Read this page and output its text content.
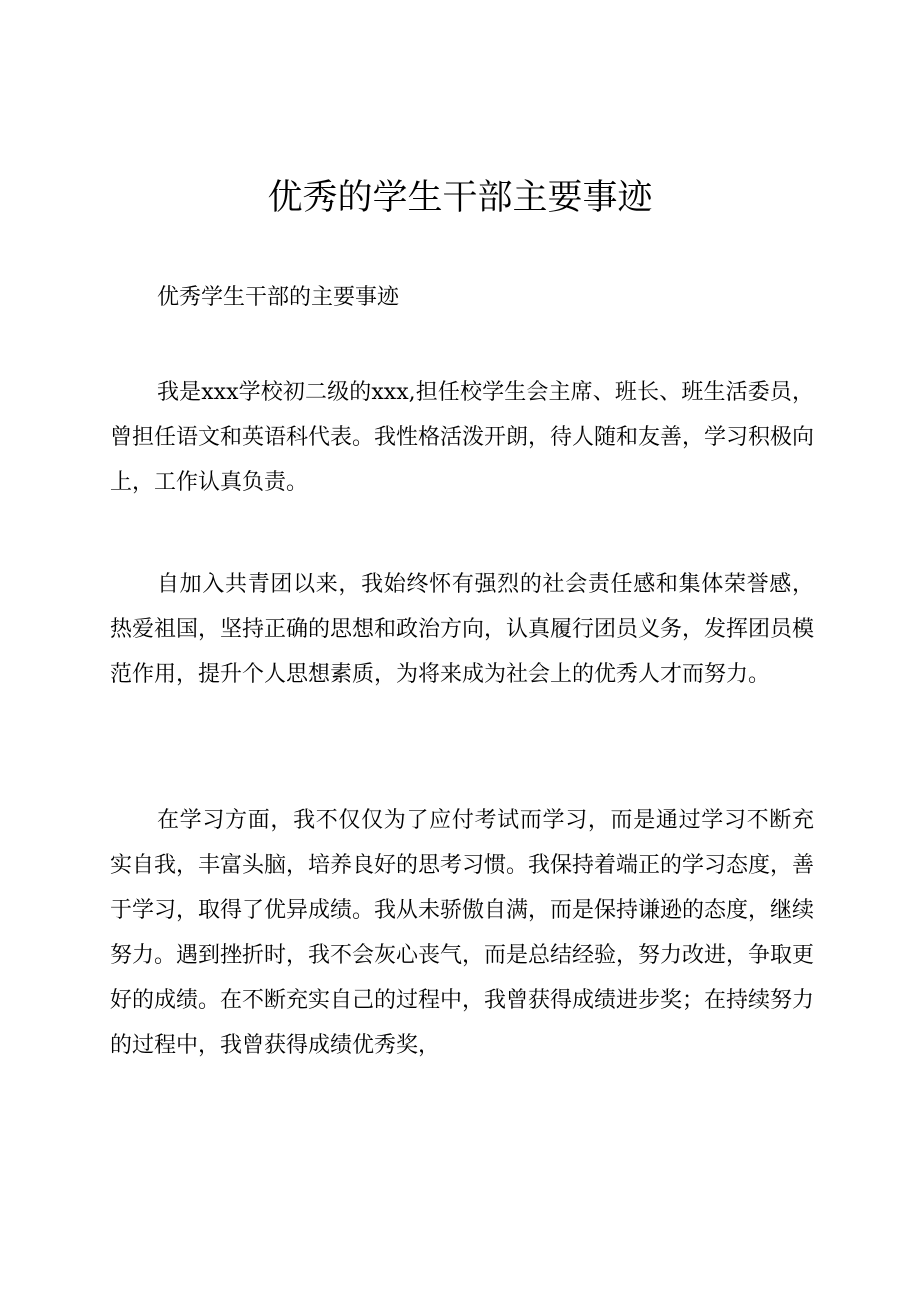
优秀的学生干部主要事迹

优秀学生干部的主要事迹

我是xxx学校初二级的xxx,担任校学生会主席、班长、班生活委员，曾担任语文和英语科代表。我性格活泼开朗，待人随和友善，学习积极向上，工作认真负责。

自加入共青团以来，我始终怀有强烈的社会责任感和集体荣誉感，热爱祖国，坚持正确的思想和政治方向，认真履行团员义务，发挥团员模范作用，提升个人思想素质，为将来成为社会上的优秀人才而努力。

在学习方面，我不仅仅为了应付考试而学习，而是通过学习不断充实自我，丰富头脑，培养良好的思考习惯。我保持着端正的学习态度，善于学习，取得了优异成绩。我从未骄傲自满，而是保持谦逊的态度，继续努力。遇到挫折时，我不会灰心丧气，而是总结经验，努力改进，争取更好的成绩。在不断充实自己的过程中，我曾获得成绩进步奖；在持续努力的过程中，我曾获得成绩优秀奖，
